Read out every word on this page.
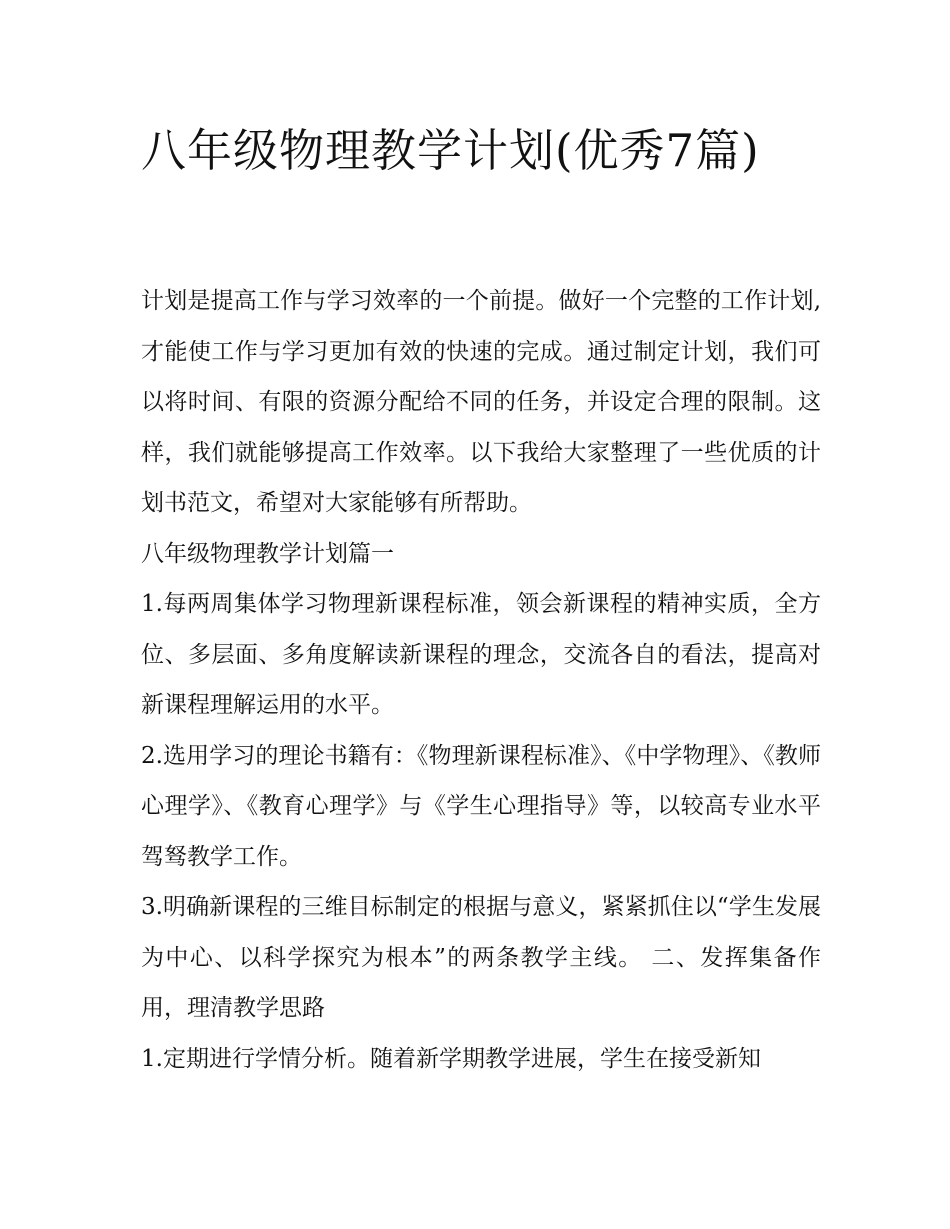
八年级物理教学计划(优秀7篇)

计划是提高工作与学习效率的一个前提。做好一个完整的工作计划,才能使工作与学习更加有效的快速的完成。通过制定计划，我们可以将时间、有限的资源分配给不同的任务，并设定合理的限制。这样，我们就能够提高工作效率。以下我给大家整理了一些优质的计划书范文，希望对大家能够有所帮助。

八年级物理教学计划篇一

1.每两周集体学习物理新课程标准，领会新课程的精神实质，全方位、多层面、多角度解读新课程的理念，交流各自的看法，提高对新课程理解运用的水平。

2.选用学习的理论书籍有：《物理新课程标准》、《中学物理》、《教师心理学》、《教育心理学》与《学生心理指导》等，以较高专业水平驾驽教学工作。

3.明确新课程的三维目标制定的根据与意义，紧紧抓住以“学生发展为中心、以科学探究为根本”的两条教学主线。 二、发挥集备作用，理清教学思路

1.定期进行学情分析。随着新学期教学进展，学生在接受新知
